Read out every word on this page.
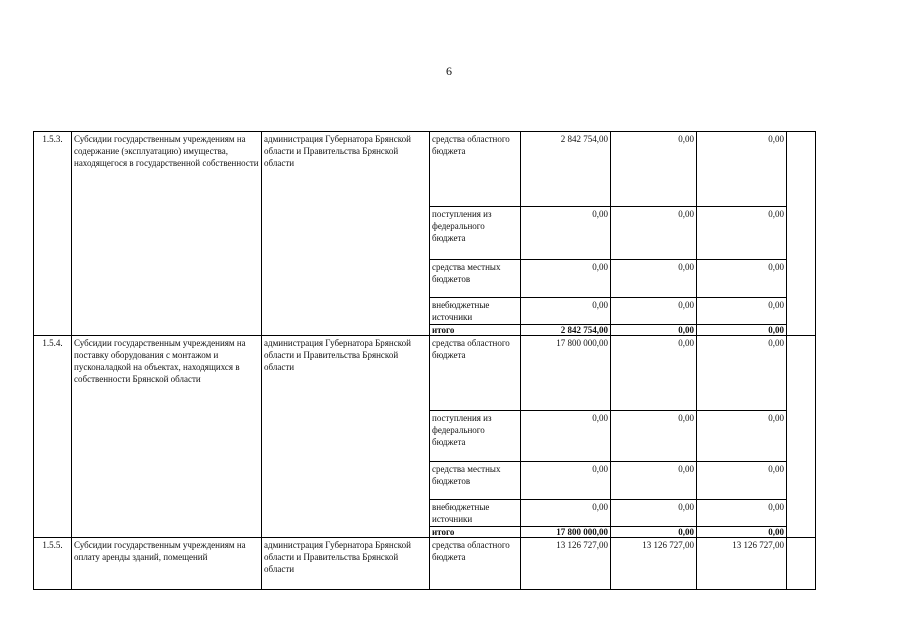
6
1.5.3.	Субсидии государственным учреждениям на содержание (эксплуатацию) имущества, находящегося в государственной собственности	администрация Губернатора Брянской области и Правительства Брянской области	средства областного бюджета	2 842 754,00	0,00	0,00	
			поступления из федерального бюджета	0,00	0,00	0,00	
			средства местных бюджетов	0,00	0,00	0,00	
			внебюджетные источники	0,00	0,00	0,00	
			итого	2 842 754,00	0,00	0,00	
1.5.4.	Субсидии государственным учреждениям на поставку оборудования с монтажом и пусконаладкой на объектах, находящихся в собственности Брянской области	администрация Губернатора Брянской области и Правительства Брянской области	средства областного бюджета	17 800 000,00	0,00	0,00	
			поступления из федерального бюджета	0,00	0,00	0,00	
			средства местных бюджетов	0,00	0,00	0,00	
			внебюджетные источники	0,00	0,00	0,00	
			итого	17 800 000,00	0,00	0,00	
1.5.5.	Субсидии государственным учреждениям на оплату аренды зданий, помещений	администрация Губернатора Брянской области и Правительства Брянской области	средства областного бюджета	13 126 727,00	13 126 727,00	13 126 727,00	
